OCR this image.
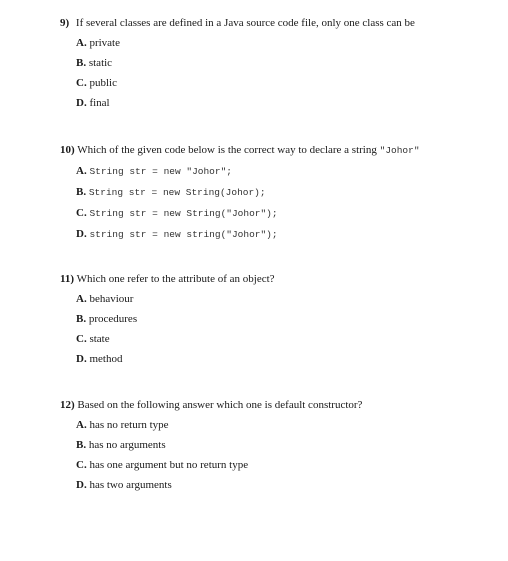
9) If several classes are defined in a Java source code file, only one class can be
A. private
B. static
C. public
D. final
10) Which of the given code below is the correct way to declare a string "Johor"
A. String str = new "Johor";
B. String str = new String(Johor);
C. String str = new String("Johor");
D. string str = new string("Johor");
11) Which one refer to the attribute of an object?
A. behaviour
B. procedures
C. state
D. method
12) Based on the following answer which one is default constructor?
A. has no return type
B. has no arguments
C. has one argument but no return type
D. has two arguments
